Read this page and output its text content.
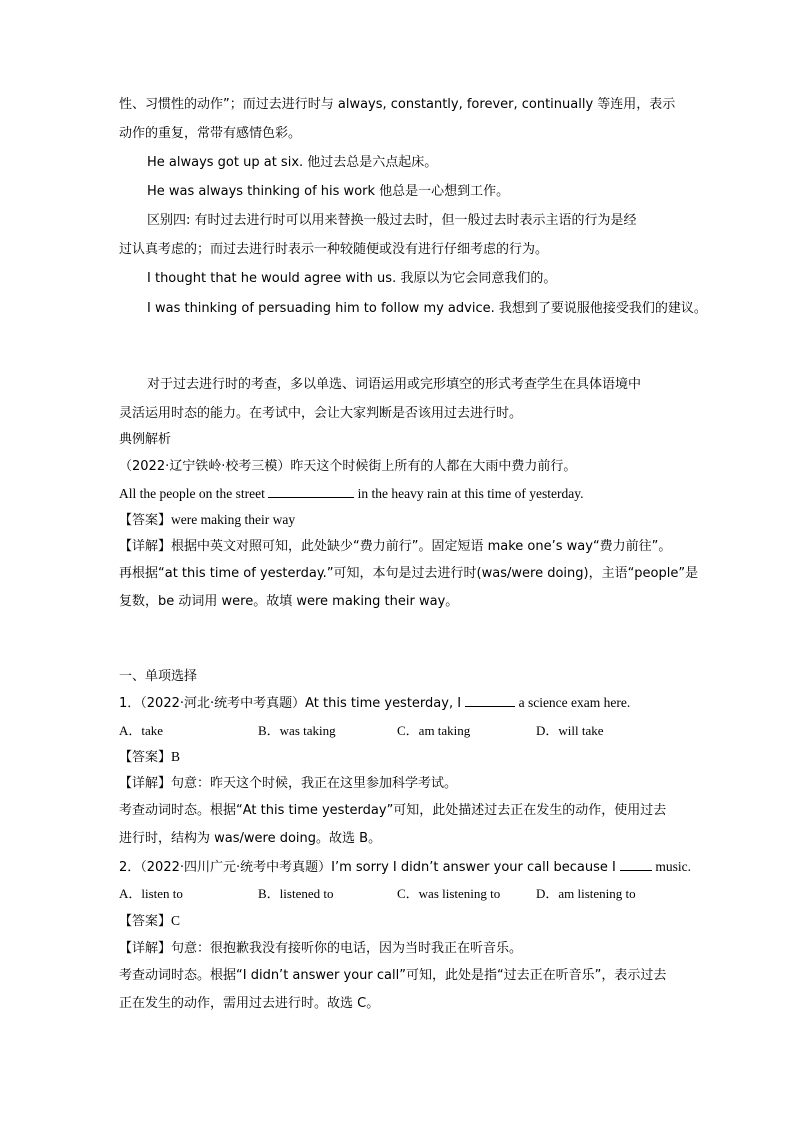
性、习惯性的动作”；而过去进行时与 always, constantly, forever, continually 等连用，表示
动作的重复，常带有感情色彩。
He always got up at six. 他过去总是六点起床。
He was always thinking of his work 他总是一心想到工作。
区别四: 有时过去进行时可以用来替换一般过去时，但一般过去时表示主语的行为是经
过认真考虑的；而过去进行时表示一种较随便或没有进行仔细考虑的行为。
I thought that he would agree with us. 我原以为它会同意我们的。
I was thinking of persuading him to follow my advice. 我想到了要说服他接受我们的建议。
对于过去进行时的考查，多以单选、词语运用或完形填空的形式考查学生在具体语境中
灵活运用时态的能力。在考试中，会让大家判断是否该用过去进行时。
典例解析
（2022·辽宁铁岭·校考三模）昨天这个时候街上所有的人都在大雨中费力前行。
All the people on the street	in the heavy rain at this time of yesterday.
【答案】were making their way
【详解】根据中英文对照可知，此处缺少“费力前行”。固定短语 make one’s way“费力前往”。
再根据“at this time of yesterday.”可知，本句是过去进行时(was/were doing)，主语“people”是
复数，be 动词用 were。故填 were making their way。
一、单项选择
1．（2022·河北·统考中考真题）At this time yesterday, I	a science exam here.
A．take	B．was taking	C．am taking	D．will take
【答案】B
【详解】句意：昨天这个时候，我正在这里参加科学考试。
考查动词时态。根据“At this time yesterday”可知，此处描述过去正在发生的动作，使用过去
进行时，结构为 was/were doing。故选 B。
2．（2022·四川广元·统考中考真题）I’m sorry I didn’t answer your call because I  music.
A．listen to	B．listened to	C．was listening to	D．am listening to
【答案】C
【详解】句意：很抱歉我没有接听你的电话，因为当时我正在听音乐。
考查动词时态。根据“I didn’t answer your call”可知，此处是指“过去正在听音乐”，表示过去
正在发生的动作，需用过去进行时。故选 C。
